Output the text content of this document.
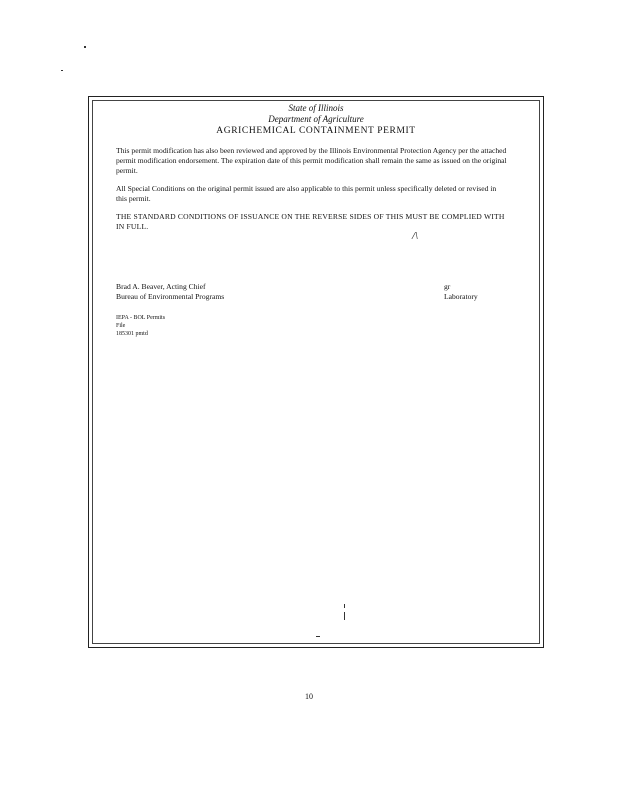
State of Illinois
Department of Agriculture
AGRICHEMICAL CONTAINMENT PERMIT
This permit modification has also been reviewed and approved by the Illinois Environmental Protection Agency per the attached permit modification endorsement. The expiration date of this permit modification shall remain the same as issued on the original permit.
All Special Conditions on the original permit issued are also applicable to this permit unless specifically deleted or revised in this permit.
THE STANDARD CONDITIONS OF ISSUANCE ON THE REVERSE SIDES OF THIS MUST BE COMPLIED WITH IN FULL.
/\
Brad A. Beaver, Acting Chief
Bureau of Environmental Programs
gr
Laboratory
IEPA - BOL Permits
File
185301 pmtd
10
